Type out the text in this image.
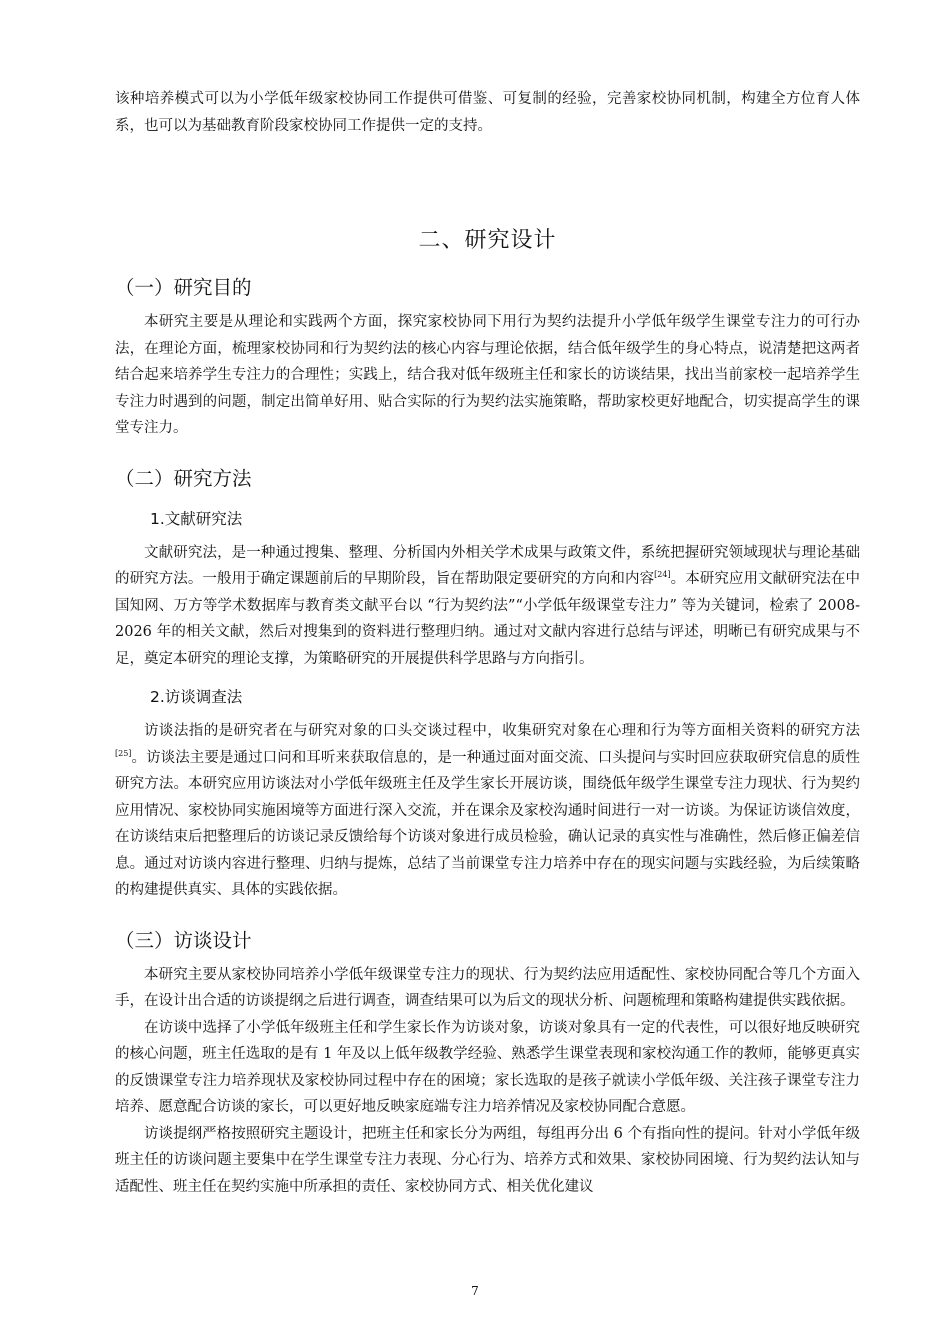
该种培养模式可以为小学低年级家校协同工作提供可借鉴、可复制的经验，完善家校协同机制，构建全方位育人体系，也可以为基础教育阶段家校协同工作提供一定的支持。

二、研究设计
（一）研究目的

本研究主要是从理论和实践两个方面，探究家校协同下用行为契约法提升小学低年级学生课堂专注力的可行办法，在理论方面，梳理家校协同和行为契约法的核心内容与理论依据，结合低年级学生的身心特点，说清楚把这两者结合起来培养学生专注力的合理性；实践上，结合我对低年级班主任和家长的访谈结果，找出当前家校一起培养学生专注力时遇到的问题，制定出简单好用、贴合实际的行为契约法实施策略，帮助家校更好地配合，切实提高学生的课堂专注力。

（二）研究方法
1.文献研究法

文献研究法，是一种通过搜集、整理、分析国内外相关学术成果与政策文件，系统把握研究领域现状与理论基础的研究方法。一般用于确定课题前后的早期阶段，旨在帮助限定要研究的方向和内容[24]。本研究应用文献研究法在中国知网、万方等学术数据库与教育类文献平台以 “行为契约法”“小学低年级课堂专注力” 等为关键词，检索了 2008-2026 年的相关文献，然后对搜集到的资料进行整理归纳。通过对文献内容进行总结与评述，明晰已有研究成果与不足，奠定本研究的理论支撑，为策略研究的开展提供科学思路与方向指引。

2.访谈调查法

访谈法指的是研究者在与研究对象的口头交谈过程中，收集研究对象在心理和行为等方面相关资料的研究方法[25]。访谈法主要是通过口问和耳听来获取信息的，是一种通过面对面交流、口头提问与实时回应获取研究信息的质性研究方法。本研究应用访谈法对小学低年级班主任及学生家长开展访谈，围绕低年级学生课堂专注力现状、行为契约应用情况、家校协同实施困境等方面进行深入交流，并在课余及家校沟通时间进行一对一访谈。为保证访谈信效度，在访谈结束后把整理后的访谈记录反馈给每个访谈对象进行成员检验，确认记录的真实性与准确性，然后修正偏差信息。通过对访谈内容进行整理、归纳与提炼，总结了当前课堂专注力培养中存在的现实问题与实践经验，为后续策略的构建提供真实、具体的实践依据。

（三）访谈设计

本研究主要从家校协同培养小学低年级课堂专注力的现状、行为契约法应用适配性、家校协同配合等几个方面入手，在设计出合适的访谈提纲之后进行调查，调查结果可以为后文的现状分析、问题梳理和策略构建提供实践依据。

在访谈中选择了小学低年级班主任和学生家长作为访谈对象，访谈对象具有一定的代表性，可以很好地反映研究的核心问题，班主任选取的是有 1 年及以上低年级教学经验、熟悉学生课堂表现和家校沟通工作的教师，能够更真实的反馈课堂专注力培养现状及家校协同过程中存在的困境；家长选取的是孩子就读小学低年级、关注孩子课堂专注力培养、愿意配合访谈的家长，可以更好地反映家庭端专注力培养情况及家校协同配合意愿。

访谈提纲严格按照研究主题设计，把班主任和家长分为两组，每组再分出 6 个有指向性的提问。针对小学低年级班主任的访谈问题主要集中在学生课堂专注力表现、分心行为、培养方式和效果、家校协同困境、行为契约法认知与适配性、班主任在契约实施中所承担的责任、家校协同方式、相关优化建议

7
